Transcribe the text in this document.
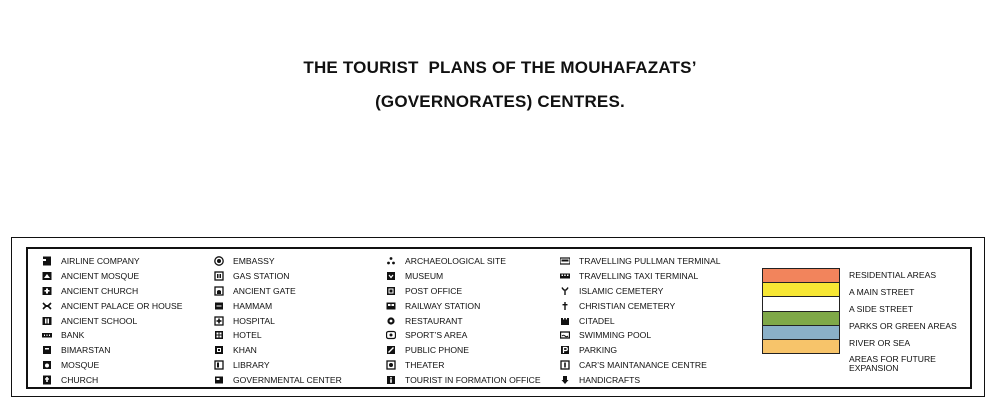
THE TOURIST  PLANS OF THE MOUHAFAZATS’
(GOVERNORATES) CENTRES.
AIRLINE COMPANY
ANCIENT MOSQUE
ANCIENT CHURCH
ANCIENT PALACE OR HOUSE
ANCIENT SCHOOL
BANK
BIMARSTAN
MOSQUE
CHURCH
EMBASSY
GAS STATION
ANCIENT GATE
HAMMAM
HOSPITAL
HOTEL
KHAN
LIBRARY
GOVERNMENTAL CENTER
ARCHAEOLOGICAL SITE
MUSEUM
POST OFFICE
RAILWAY STATION
RESTAURANT
SPORT’S AREA
PUBLIC PHONE
THEATER
TOURIST IN FORMATION OFFICE
TRAVELLING PULLMAN TERMINAL
TRAVELLING TAXI TERMINAL
ISLAMIC CEMETERY
CHRISTIAN CEMETERY
CITADEL
SWIMMING POOL
PARKING
CAR’S MAINTANANCE CENTRE
HANDICRAFTS
RESIDENTIAL AREAS
A MAIN STREET
A SIDE STREET
PARKS OR GREEN AREAS
RIVER OR SEA
AREAS FOR FUTURE EXPANSION
